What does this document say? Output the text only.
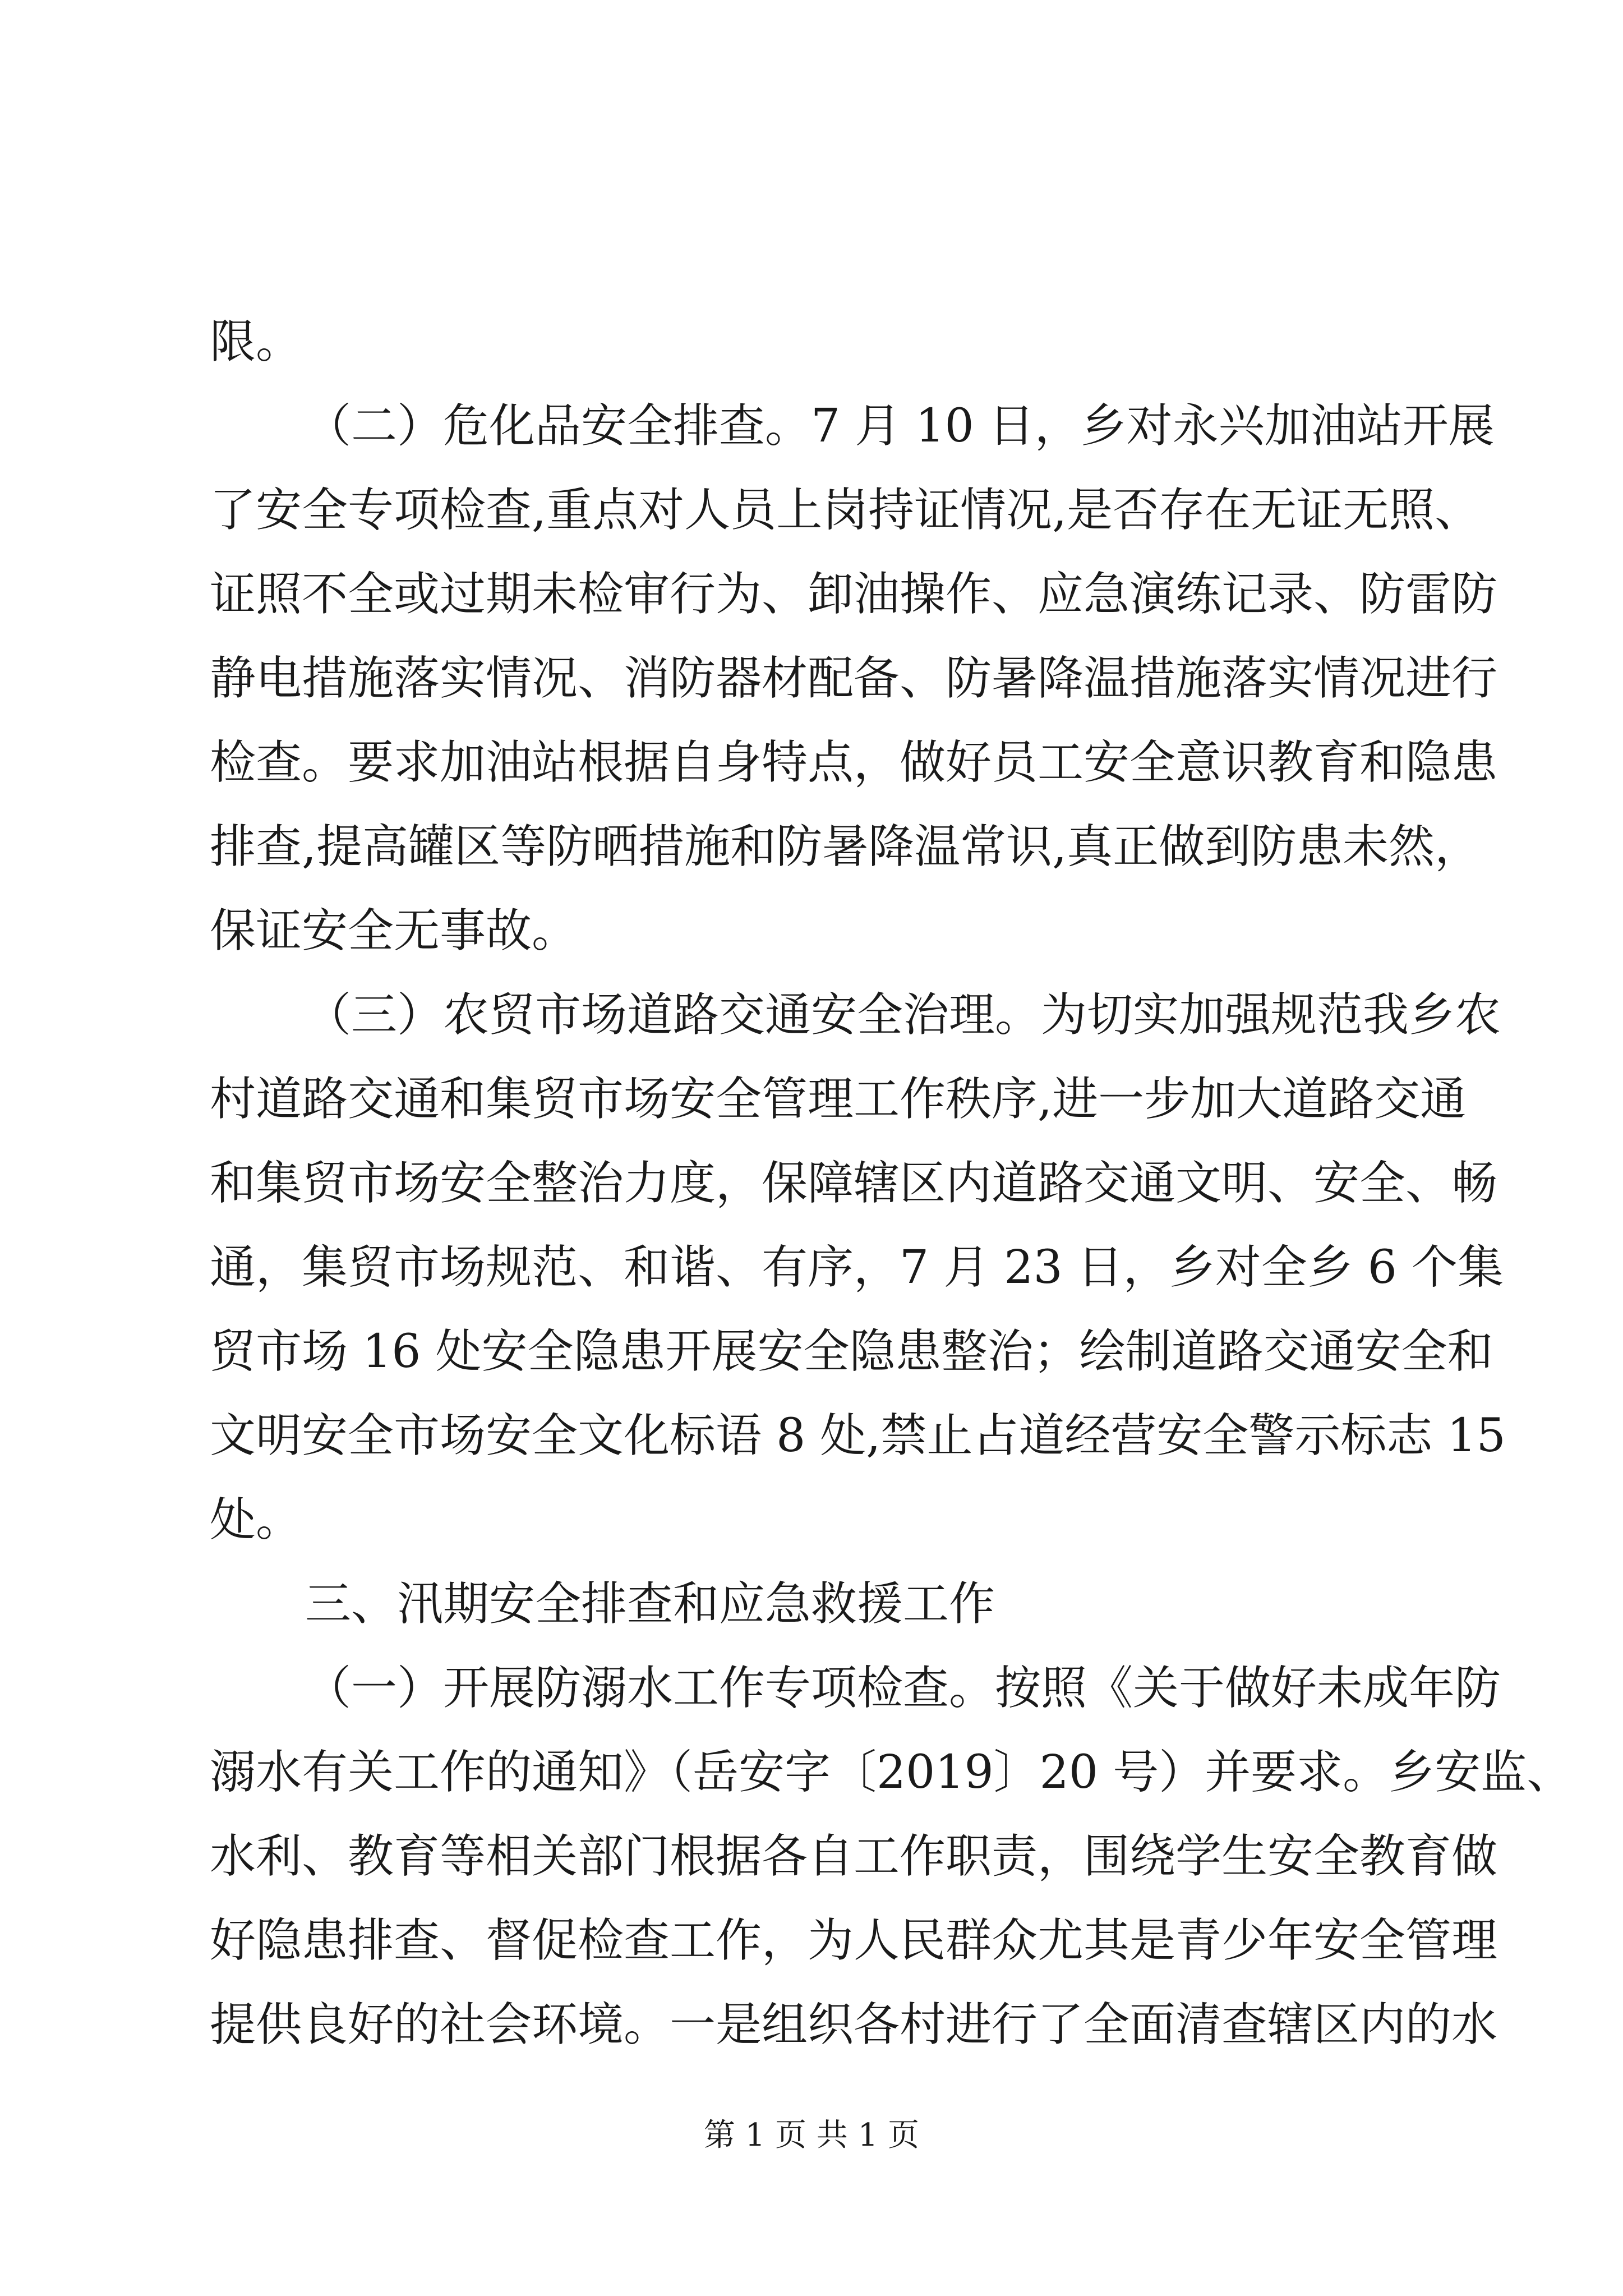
限。
（二）危化品安全排查。7 月 10 日，乡对永兴加油站开展
了安全专项检查,重点对人员上岗持证情况,是否存在无证无照、
证照不全或过期未检审行为、卸油操作、应急演练记录、防雷防
静电措施落实情况、消防器材配备、防暑降温措施落实情况进行
检查。要求加油站根据自身特点，做好员工安全意识教育和隐患
排查,提高罐区等防晒措施和防暑降温常识,真正做到防患未然，
保证安全无事故。
（三）农贸市场道路交通安全治理。为切实加强规范我乡农
村道路交通和集贸市场安全管理工作秩序,进一步加大道路交通
和集贸市场安全整治力度，保障辖区内道路交通文明、安全、畅
通，集贸市场规范、和谐、有序，7 月 23 日，乡对全乡 6 个集
贸市场 16 处安全隐患开展安全隐患整治；绘制道路交通安全和
文明安全市场安全文化标语 8 处,禁止占道经营安全警示标志 15
处。
三、汛期安全排查和应急救援工作
（一）开展防溺水工作专项检查。按照《关于做好未成年防
溺水有关工作的通知》（岳安字〔2019〕20 号）并要求。乡安监、
水利、教育等相关部门根据各自工作职责，围绕学生安全教育做
好隐患排查、督促检查工作，为人民群众尤其是青少年安全管理
提供良好的社会环境。一是组织各村进行了全面清查辖区内的水
第 1 页 共 1 页
